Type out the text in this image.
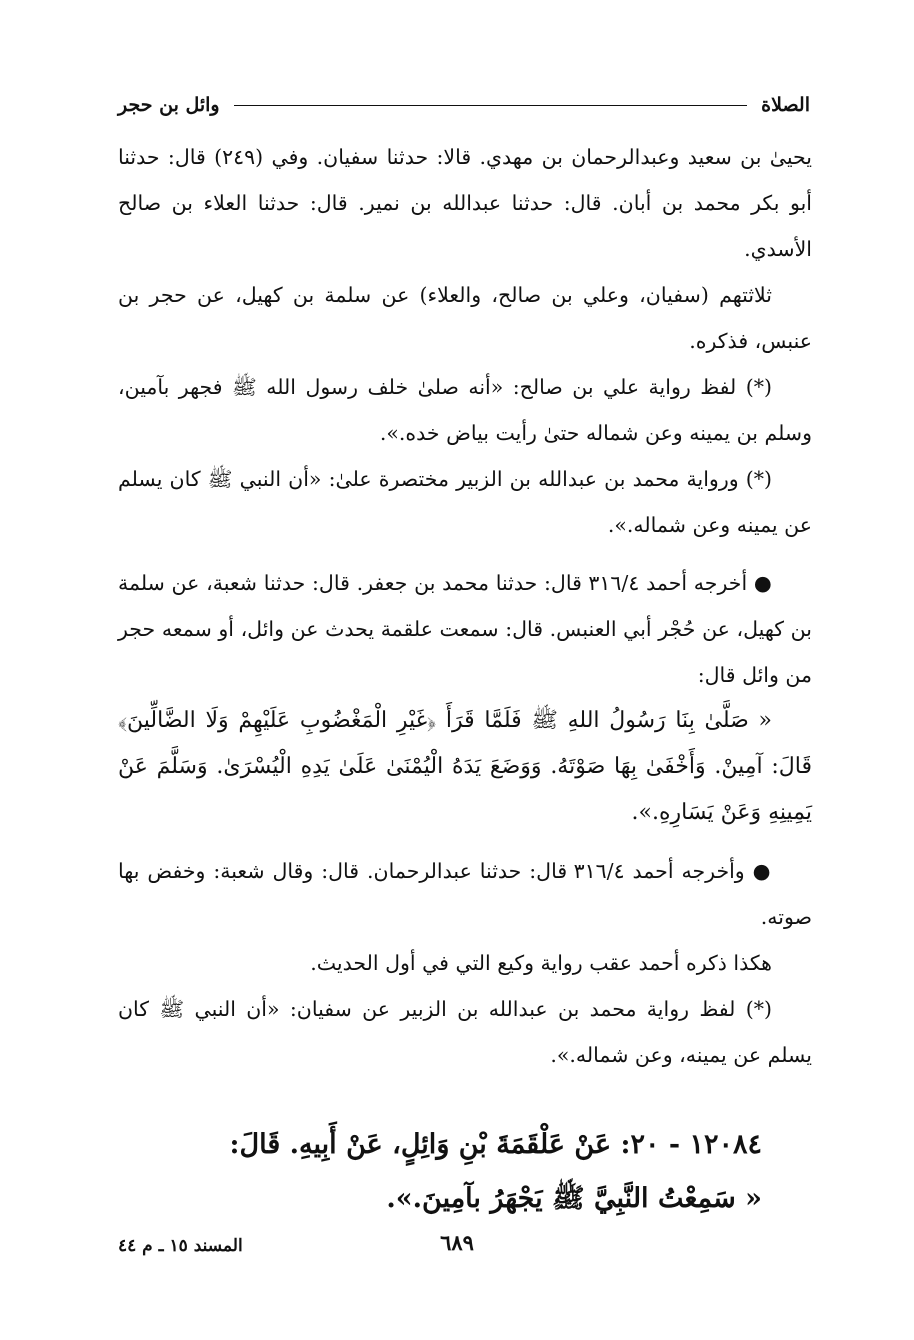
الصلاة
وائل بن حجر

يحيىٰ بن سعيد وعبدالرحمان بن مهدي. قالا: حدثنا سفيان. وفي (٢٤٩) قال: حدثنا أبو بكر محمد بن أبان. قال: حدثنا عبدالله بن نمير. قال: حدثنا العلاء بن صالح الأسدي.

ثلاثتهم (سفيان، وعلي بن صالح، والعلاء) عن سلمة بن كهيل، عن حجر بن عنبس، فذكره.

(*) لفظ رواية علي بن صالح: «أنه صلىٰ خلف رسول الله ﷺ فجهر بآمين، وسلم بن يمينه وعن شماله حتىٰ رأيت بياض خده.».

(*) ورواية محمد بن عبدالله بن الزبير مختصرة علىٰ: «أن النبي ﷺ كان يسلم عن يمينه وعن شماله.».

● أخرجه أحمد ٣١٦/٤ قال: حدثنا محمد بن جعفر. قال: حدثنا شعبة، عن سلمة بن كهيل، عن حُجْر أبي العنبس. قال: سمعت علقمة يحدث عن وائل، أو سمعه حجر من وائل قال:

« صَلَّىٰ بِنَا رَسُولُ اللهِ ﷺ فَلَمَّا قَرَأَ ﴿غَيْرِ الْمَغْضُوبِ عَلَيْهِمْ وَلَا الضَّالِّينَ﴾ قَالَ: آمِينْ. وَأَخْفَىٰ بِهَا صَوْتَهُ. وَوَضَعَ يَدَهُ الْيُمْنَىٰ عَلَىٰ يَدِهِ الْيُسْرَىٰ. وَسَلَّمَ عَنْ يَمِينِهِ وَعَنْ يَسَارِهِ.».

● وأخرجه أحمد ٣١٦/٤ قال: حدثنا عبدالرحمان. قال: وقال شعبة: وخفض بها صوته.

هكذا ذكره أحمد عقب رواية وكيع التي في أول الحديث.

(*) لفظ رواية محمد بن عبدالله بن الزبير عن سفيان: «أن النبي ﷺ كان يسلم عن يمينه، وعن شماله.».

١٢٠٨٤ - ٢٠: عَنْ عَلْقَمَةَ بْنِ وَائِلٍ، عَنْ أَبِيهِ. قَالَ:

« سَمِعْتُ النَّبِيَّ ﷺ يَجْهَرُ بآمِينَ.».

٦٨٩
المسند ١٥ ـ م ٤٤
